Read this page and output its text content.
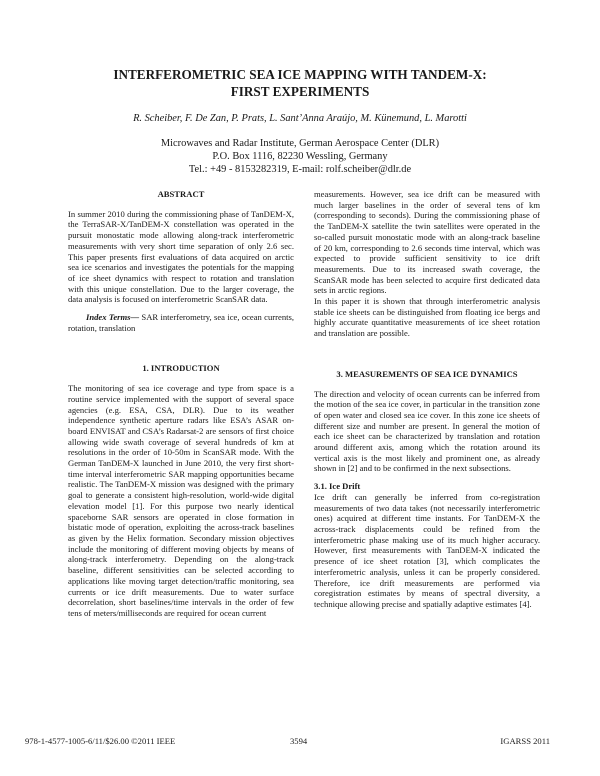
INTERFEROMETRIC SEA ICE MAPPING WITH TANDEM-X:
FIRST EXPERIMENTS

R. Scheiber, F. De Zan, P. Prats, L. Sant’Anna Araújo, M. Künemund, L. Marotti

Microwaves and Radar Institute, German Aerospace Center (DLR)
P.O. Box 1116, 82230 Wessling, Germany
Tel.: +49 - 8153282319, E-mail: rolf.scheiber@dlr.de
ABSTRACT

In summer 2010 during the commissioning phase of TanDEM-X, the TerraSAR-X/TanDEM-X constellation was operated in the pursuit monostatic mode allowing along-track interferometric measurements with very short time separation of only 2.6 sec. This paper presents first evaluations of data acquired on arctic sea ice scenarios and investigates the potentials for the mapping of ice sheet dynamics with respect to rotation and translation with this unique constellation. Due to the larger coverage, the data analysis is focused on interferometric ScanSAR data.

Index Terms— SAR interferometry, sea ice, ocean currents, rotation, translation

1. INTRODUCTION

The monitoring of sea ice coverage and type from space is a routine service implemented with the support of several space agencies (e.g. ESA, CSA, DLR). Due to its weather independence synthetic aperture radars like ESA’s ASAR on-board ENVISAT and CSA’s Radarsat-2 are sensors of first choice allowing wide swath coverage of several hundreds of km at resolutions in the order of 10-50m in ScanSAR mode. With the German TanDEM-X launched in June 2010, the very first short-time interval interferometric SAR mapping opportunities became realistic. The TanDEM-X mission was designed with the primary goal to generate a consistent high-resolution, world-wide digital elevation model [1]. For this purpose two nearly identical spaceborne SAR sensors are operated in close formation in bistatic mode of operation, exploiting the across-track baselines as given by the Helix formation. Secondary mission objectives include the monitoring of different moving objects by means of along-track interferometry. Depending on the along-track baseline, different sensitivities can be selected according to applications like moving target detection/traffic monitoring, sea currents or ice drift measurements. Due to water surface decorrelation, short baselines/time intervals in the order of few tens of meters/milliseconds are required for ocean current

measurements. However, sea ice drift can be measured with much larger baselines in the order of several tens of km (corresponding to seconds). During the commissioning phase of the TanDEM-X satellite the twin satellites were operated in the so-called pursuit monostatic mode with an along-track baseline of 20 km, corresponding to 2.6 seconds time interval, which was expected to provide sufficient sensitivity to ice drift measurements. Due to its increased swath coverage, the ScanSAR mode has been selected to acquire first dedicated data sets in arctic regions.

In this paper it is shown that through interferometric analysis stable ice sheets can be distinguished from floating ice bergs and highly accurate quantitative measurements of ice sheet rotation and translation are possible.

3. MEASUREMENTS OF SEA ICE DYNAMICS

The direction and velocity of ocean currents can be inferred from the motion of the sea ice cover, in particular in the transition zone of open water and closed sea ice cover. In this zone ice sheets of different size and number are present. In general the motion of each ice sheet can be characterized by translation and rotation around different axis, among which the rotation around its vertical axis is the most likely and prominent one, as already shown in [2] and to be confirmed in the next subsections.

3.1. Ice Drift

Ice drift can generally be inferred from co-registration measurements of two data takes (not necessarily interferometric ones) acquired at different time instants. For TanDEM-X the across-track displacements could be refined from the interferometric phase making use of its much higher accuracy. However, first measurements with TanDEM-X indicated the presence of ice sheet rotation [3], which complicates the interferometric analysis, unless it can be properly considered. Therefore, ice drift measurements are performed via coregistration estimates by means of spectral diversity, a technique allowing precise and spatially adaptive estimates [4].

978-1-4577-1005-6/11/$26.00 ©2011 IEEE	3594	IGARSS 2011
